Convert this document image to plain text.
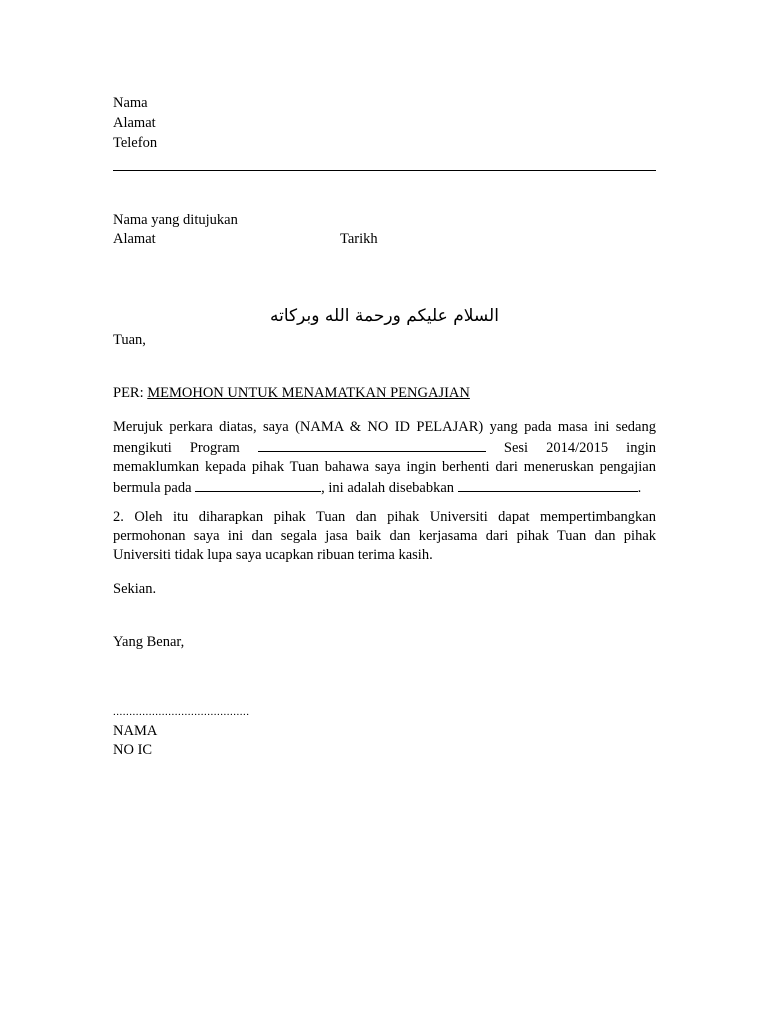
Nama
Alamat
Telefon
Nama yang ditujukan
Alamat	Tarikh
السلام عليكم ورحمة الله وبركاته
Tuan,
PER: MEMOHON UNTUK MENAMATKAN PENGAJIAN
Merujuk perkara diatas, saya (NAMA & NO ID PELAJAR) yang pada masa ini sedang mengikuti Program	Sesi 2014/2015 ingin memaklumkan kepada pihak Tuan bahawa saya ingin berhenti dari meneruskan pengajian bermula pada	, ini adalah disebabkan	.
2. Oleh itu diharapkan pihak Tuan dan pihak Universiti dapat mempertimbangkan permohonan saya ini dan segala jasa baik dan kerjasama dari pihak Tuan dan pihak Universiti tidak lupa saya ucapkan ribuan terima kasih.
Sekian.
Yang Benar,
..........................................
NAMA
NO IC
